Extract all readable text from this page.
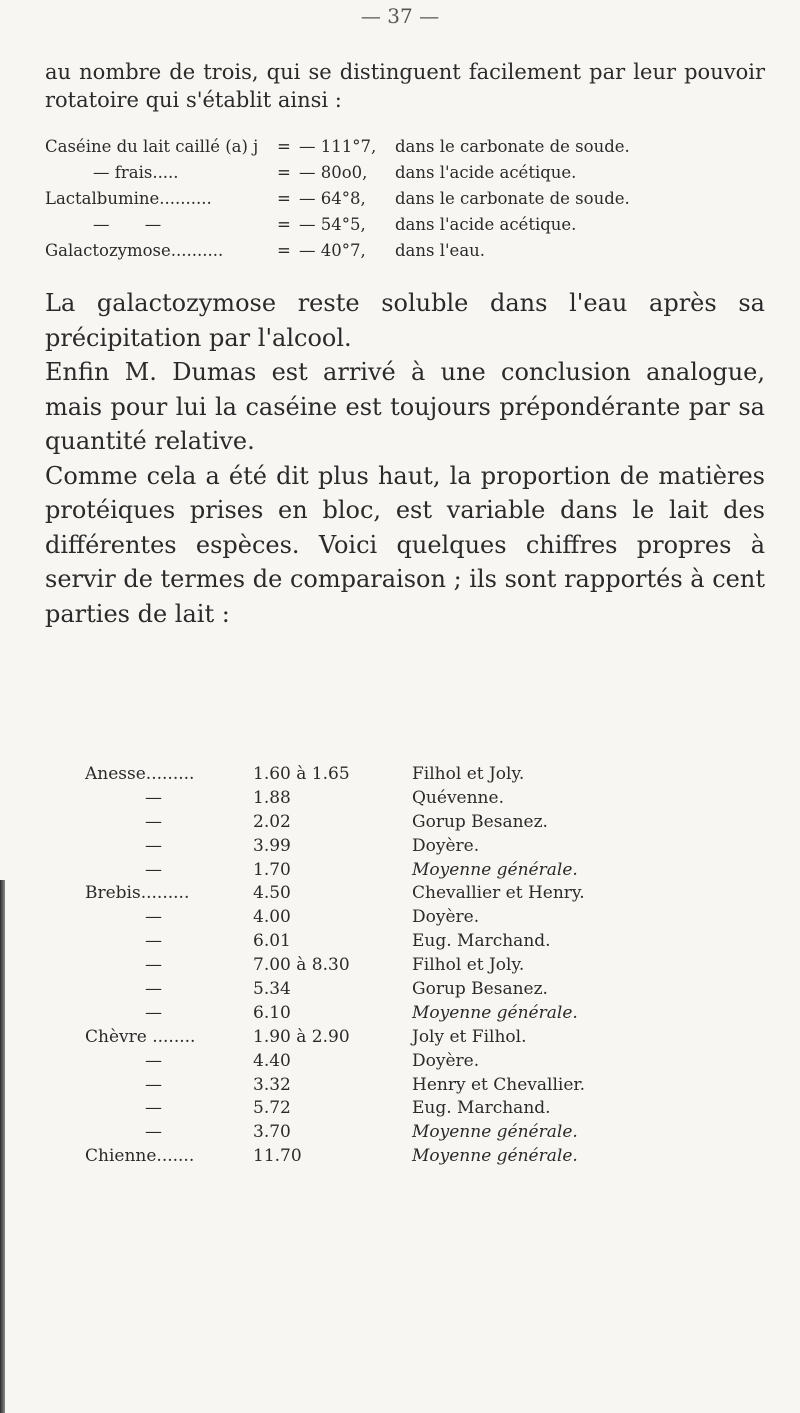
— 37 —
au nombre de trois, qui se distinguent facilement par leur pouvoir rotatoire qui s'établit ainsi :
Caséine du lait caillé (a) j = — 111°7, dans le carbonate de soude.
— frais.....	= — 80o0, dans l'acide acétique.
Lactalbumine..........	= — 64°8, dans le carbonate de soude.
— —	= — 54°5, dans l'acide acétique.
Galactozymose..........	= — 40°7, dans l'eau.

La galactozymose reste soluble dans l'eau après sa précipitation par l'alcool.

Enfin M. Dumas est arrivé à une conclusion analogue, mais pour lui la caséine est toujours prépondérante par sa quantité relative.

Comme cela a été dit plus haut, la proportion de matières protéiques prises en bloc, est variable dans le lait des différentes espèces. Voici quelques chiffres propres à servir de termes de comparaison ; ils sont rapportés à cent parties de lait :

Anesse.........	1.60 à 1.65	Filhol et Joly.
—	1.88	Quévenne.
—	2.02	Gorup Besanez.
—	3.99	Doyère.
—	1.70	Moyenne générale.
Brebis.........	4.50	Chevallier et Henry.
—	4.00	Doyère.
—	6.01	Eug. Marchand.
—	7.00 à 8.30	Filhol et Joly.
—	5.34	Gorup Besanez.
—	6.10	Moyenne générale.
Chèvre ........	1.90 à 2.90	Joly et Filhol.
—	4.40	Doyère.
—	3.32	Henry et Chevallier.
—	5.72	Eug. Marchand.
—	3.70	Moyenne générale.
Chienne.......	11.70	Moyenne générale.
